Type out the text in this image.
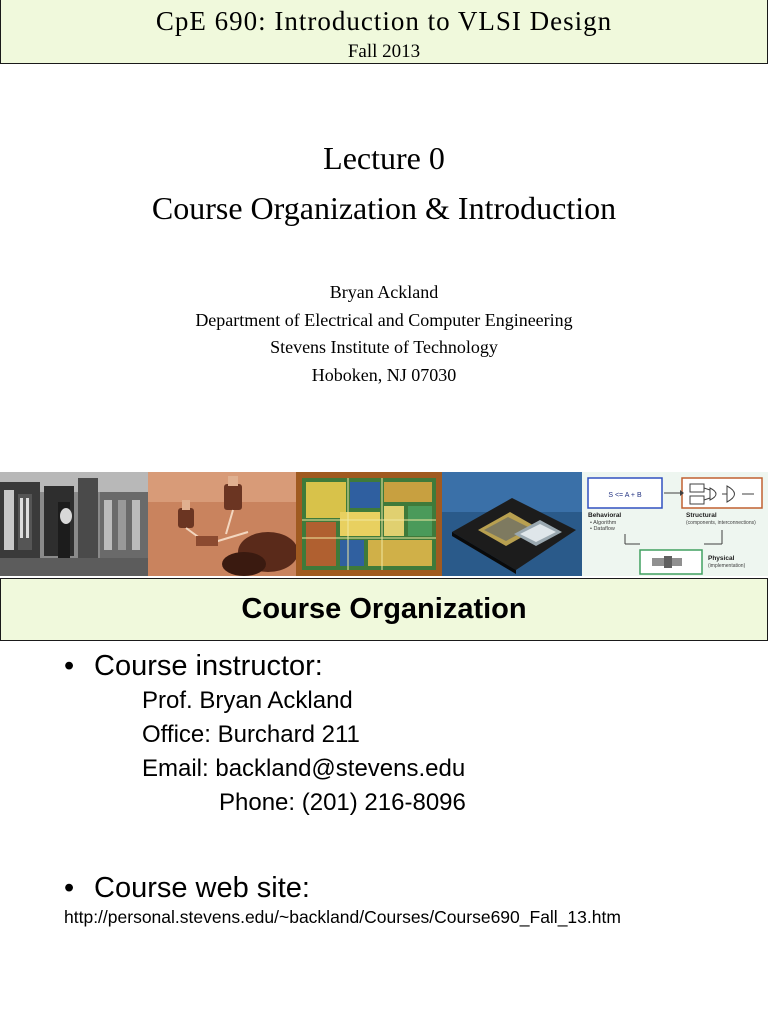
CpE 690: Introduction to VLSI Design
Fall 2013
Lecture 0
Course Organization & Introduction
Bryan Ackland
Department of Electrical and Computer Engineering
Stevens Institute of Technology
Hoboken, NJ 07030
S <= A + B
Behavioral
• Algorithm
• Dataflow
Structural
(components, interconnections)
Physical
(implementation)
Course Organization
• Course instructor:
Prof. Bryan Ackland
Office: Burchard 211
Email: backland@stevens.edu
Phone: (201) 216-8096
• Course web site:
http://personal.stevens.edu/~backland/Courses/Course690_Fall_13.htm
